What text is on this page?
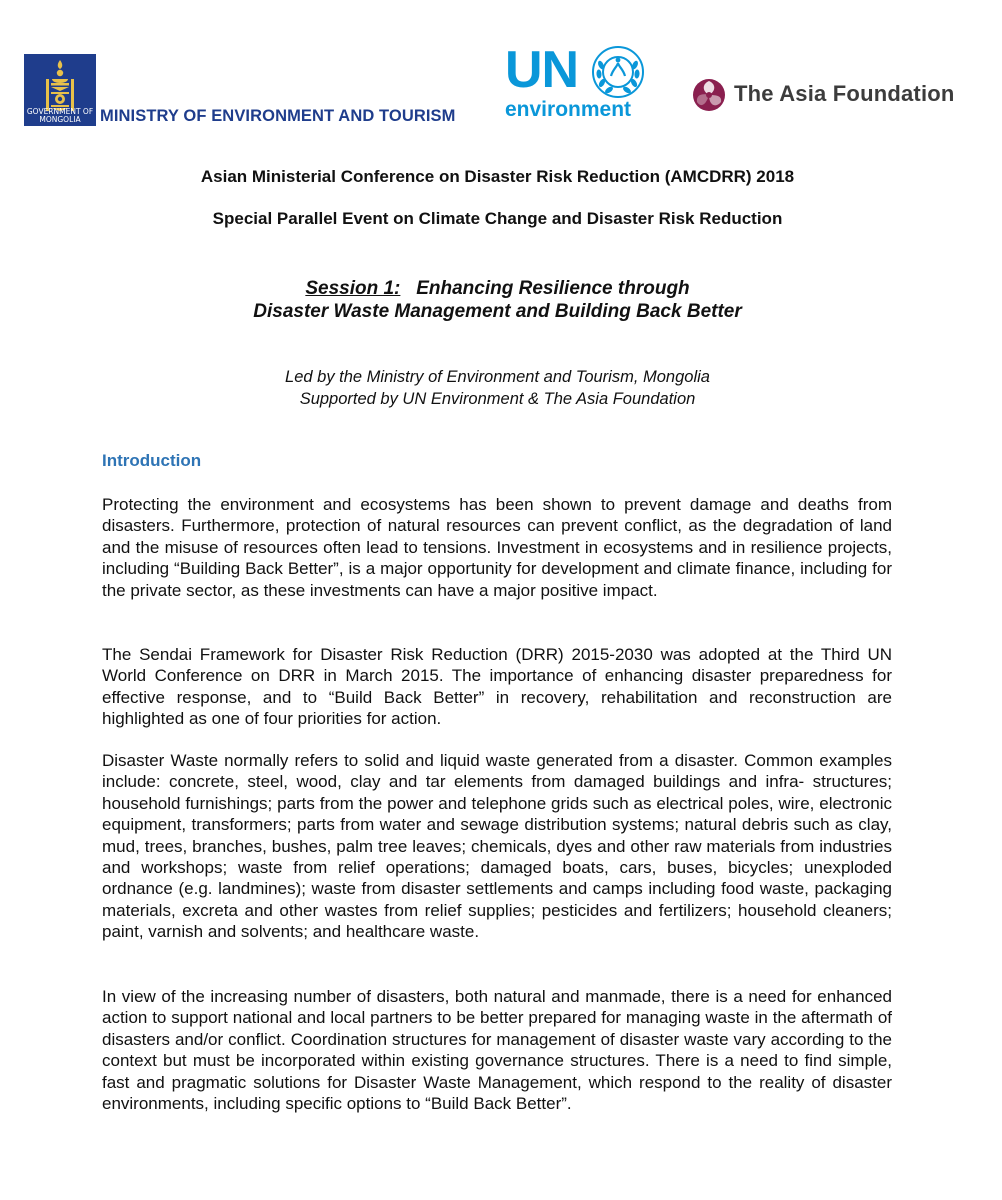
GOVERNMENT OF MONGOLIA	MINISTRY OF ENVIRONMENT AND TOURISM
UN
environment
The Asia Foundation
Asian Ministerial Conference on Disaster Risk Reduction (AMCDRR) 2018
Special Parallel Event on Climate Change and Disaster Risk Reduction
Session 1: Enhancing Resilience through
Disaster Waste Management and Building Back Better
Led by the Ministry of Environment and Tourism, Mongolia
Supported by UN Environment & The Asia Foundation
Introduction

Protecting the environment and ecosystems has been shown to prevent damage and deaths from disasters. Furthermore, protection of natural resources can prevent conflict, as the degradation of land and the misuse of resources often lead to tensions. Investment in ecosystems and in resilience projects, including “Building Back Better”, is a major opportunity for development and climate finance, including for the private sector, as these investments can have a major positive impact.

The Sendai Framework for Disaster Risk Reduction (DRR) 2015-2030 was adopted at the Third UN World Conference on DRR in March 2015. The importance of enhancing disaster preparedness for effective response, and to “Build Back Better” in recovery, rehabilitation and reconstruction are highlighted as one of four priorities for action.

Disaster Waste normally refers to solid and liquid waste generated from a disaster. Common examples include: concrete, steel, wood, clay and tar elements from damaged buildings and infra- structures; household furnishings; parts from the power and telephone grids such as electrical poles, wire, electronic equipment, transformers; parts from water and sewage distribution systems; natural debris such as clay, mud, trees, branches, bushes, palm tree leaves; chemicals, dyes and other raw materials from industries and workshops; waste from relief operations; damaged boats, cars, buses, bicycles; unexploded ordnance (e.g. landmines); waste from disaster settlements and camps including food waste, packaging materials, excreta and other wastes from relief supplies; pesticides and fertilizers; household cleaners; paint, varnish and solvents; and healthcare waste.

In view of the increasing number of disasters, both natural and manmade, there is a need for enhanced action to support national and local partners to be better prepared for managing waste in the aftermath of disasters and/or conflict. Coordination structures for management of disaster waste vary according to the context but must be incorporated within existing governance structures. There is a need to find simple, fast and pragmatic solutions for Disaster Waste Management, which respond to the reality of disaster environments, including specific options to “Build Back Better”.
